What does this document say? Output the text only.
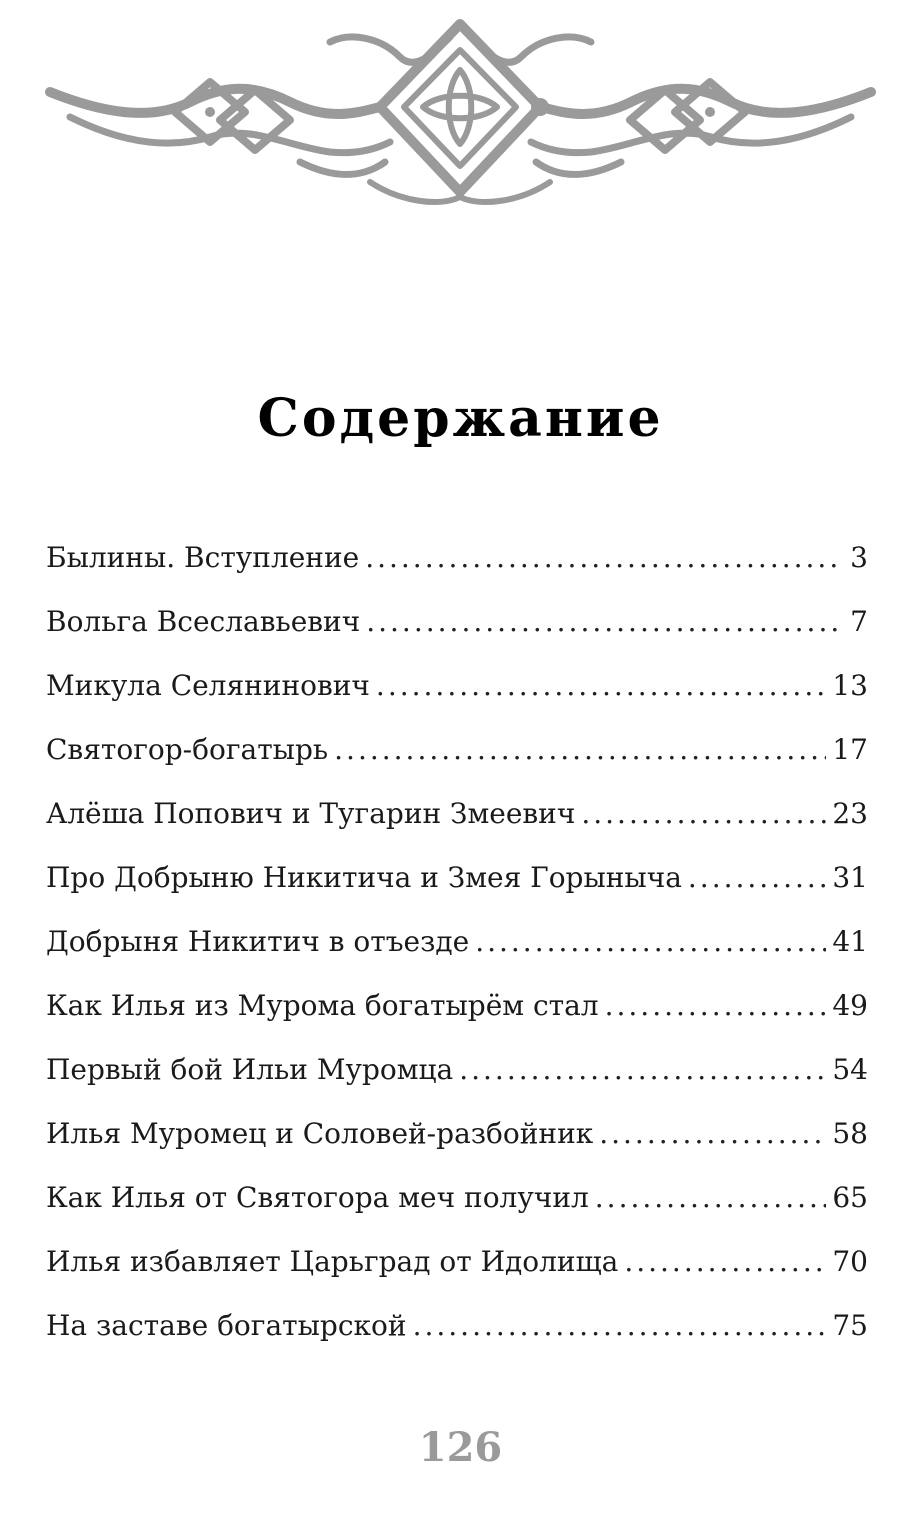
Содержание
Былины. Вступление .....	3
Вольга Всеславьевич .....	7
Микула Селянинович .....	13
Святогор-богатырь .....	17
Алёша Попович и Тугарин Змеевич .....	23
Про Добрыню Никитича и Змея Горыныча .....	31
Добрыня Никитич в отъезде .....	41
Как Илья из Мурома богатырём стал .....	49
Первый бой Ильи Муромца .....	54
Илья Муромец и Соловей-разбойник .....	58
Как Илья от Святогора меч получил .....	65
Илья избавляет Царьград от Идолища .....	70
На заставе богатырской .....	75
126
